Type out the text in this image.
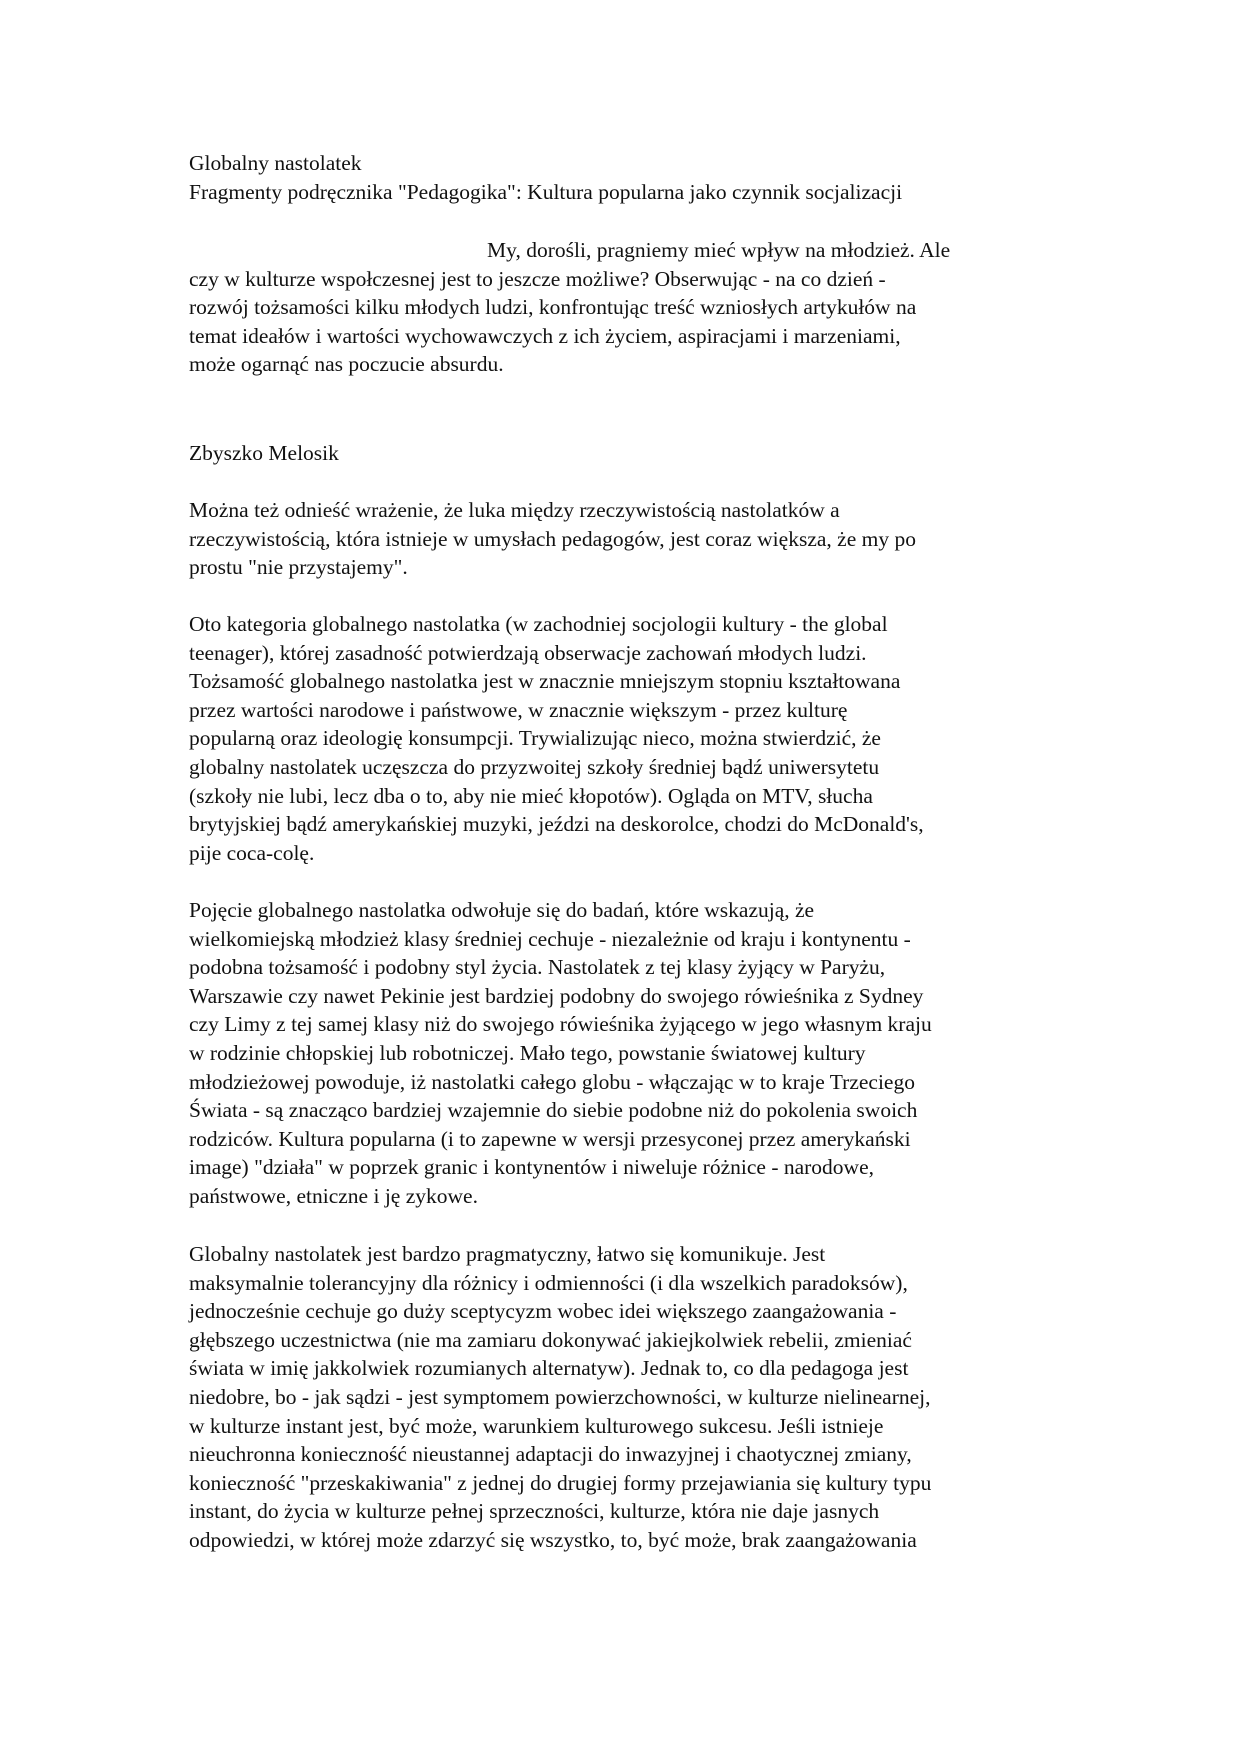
Globalny nastolatek
Fragmenty podręcznika "Pedagogika": Kultura popularna jako czynnik socjalizacji
My, dorośli, pragniemy mieć wpływ na młodzież. Ale
czy w kulturze wspołczesnej jest to jeszcze możliwe? Obserwując - na co dzień -
rozwój tożsamości kilku młodych ludzi, konfrontując treść wzniosłych artykułów na
temat ideałów i wartości wychowawczych z ich życiem, aspiracjami i marzeniami,
może ogarnąć nas poczucie absurdu.
Zbyszko Melosik
Można też odnieść wrażenie, że luka między rzeczywistością nastolatków a
rzeczywistością, która istnieje w umysłach pedagogów, jest coraz większa, że my po
prostu "nie przystajemy".
Oto kategoria globalnego nastolatka (w zachodniej socjologii kultury - the global
teenager), której zasadność potwierdzają obserwacje zachowań młodych ludzi.
Tożsamość globalnego nastolatka jest w znacznie mniejszym stopniu kształtowana
przez wartości narodowe i państwowe, w znacznie większym - przez kulturę
popularną oraz ideologię konsumpcji. Trywializując nieco, można stwierdzić, że
globalny nastolatek uczęszcza do przyzwoitej szkoły średniej bądź uniwersytetu
(szkoły nie lubi, lecz dba o to, aby nie mieć kłopotów). Ogląda on MTV, słucha
brytyjskiej bądź amerykańskiej muzyki, jeździ na deskorolce, chodzi do McDonald's,
pije coca-colę.
Pojęcie globalnego nastolatka odwołuje się do badań, które wskazują, że
wielkomiejską młodzież klasy średniej cechuje - niezależnie od kraju i kontynentu -
podobna tożsamość i podobny styl życia. Nastolatek z tej klasy żyjący w Paryżu,
Warszawie czy nawet Pekinie jest bardziej podobny do swojego rówieśnika z Sydney
czy Limy z tej samej klasy niż do swojego rówieśnika żyjącego w jego własnym kraju
w rodzinie chłopskiej lub robotniczej. Mało tego, powstanie światowej kultury
młodzieżowej powoduje, iż nastolatki całego globu - włączając w to kraje Trzeciego
Świata - są znacząco bardziej wzajemnie do siebie podobne niż do pokolenia swoich
rodziców. Kultura popularna (i to zapewne w wersji przesyconej przez amerykański
image) "działa" w poprzek granic i kontynentów i niweluje różnice - narodowe,
państwowe, etniczne i ję zykowe.
Globalny nastolatek jest bardzo pragmatyczny, łatwo się komunikuje. Jest
maksymalnie tolerancyjny dla różnicy i odmienności (i dla wszelkich paradoksów),
jednocześnie cechuje go duży sceptycyzm wobec idei większego zaangażowania -
głębszego uczestnictwa (nie ma zamiaru dokonywać jakiejkolwiek rebelii, zmieniać
świata w imię jakkolwiek rozumianych alternatyw). Jednak to, co dla pedagoga jest
niedobre, bo - jak sądzi - jest symptomem powierzchowności, w kulturze nielinearnej,
w kulturze instant jest, być może, warunkiem kulturowego sukcesu. Jeśli istnieje
nieuchronna konieczność nieustannej adaptacji do inwazyjnej i chaotycznej zmiany,
konieczność "przeskakiwania" z jednej do drugiej formy przejawiania się kultury typu
instant, do życia w kulturze pełnej sprzeczności, kulturze, która nie daje jasnych
odpowiedzi, w której może zdarzyć się wszystko, to, być może, brak zaangażowania
